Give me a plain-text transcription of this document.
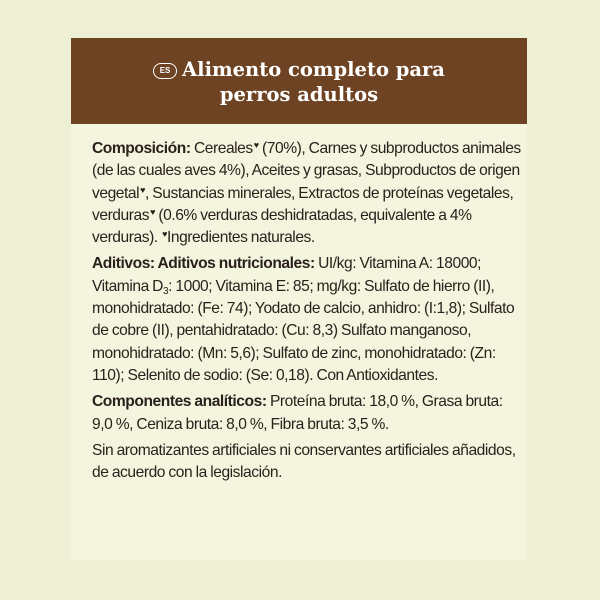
ES Alimento completo para
perros adultos

Composición: Cereales♥ (70%), Carnes y subproductos animales (de las cuales aves 4%), Aceites y grasas, Subproductos de origen vegetal♥, Sustancias minerales, Extractos de proteínas vegetales, verduras♥ (0.6% verduras deshidratadas, equivalente a 4% verduras). ♥Ingredientes naturales.

Aditivos: Aditivos nutricionales: UI/kg: Vitamina A: 18000; Vitamina $D_3$: 1000; Vitamina E: 85; mg/kg: Sulfato de hierro (II), monohidratado: (Fe: 74); Yodato de calcio, anhidro: (I:1,8); Sulfato de cobre (II), pentahidratado: (Cu: 8,3) Sulfato manganoso, monohidratado: (Mn: 5,6); Sulfato de zinc, monohidratado: (Zn: 110); Selenito de sodio: (Se: 0,18). Con Antioxidantes.

Componentes analíticos: Proteína bruta: 18,0 %, Grasa bruta: 9,0 %, Ceniza bruta: 8,0 %, Fibra bruta: 3,5 %.

Sin aromatizantes artificiales ni conservantes artificiales añadidos, de acuerdo con la legislación.
